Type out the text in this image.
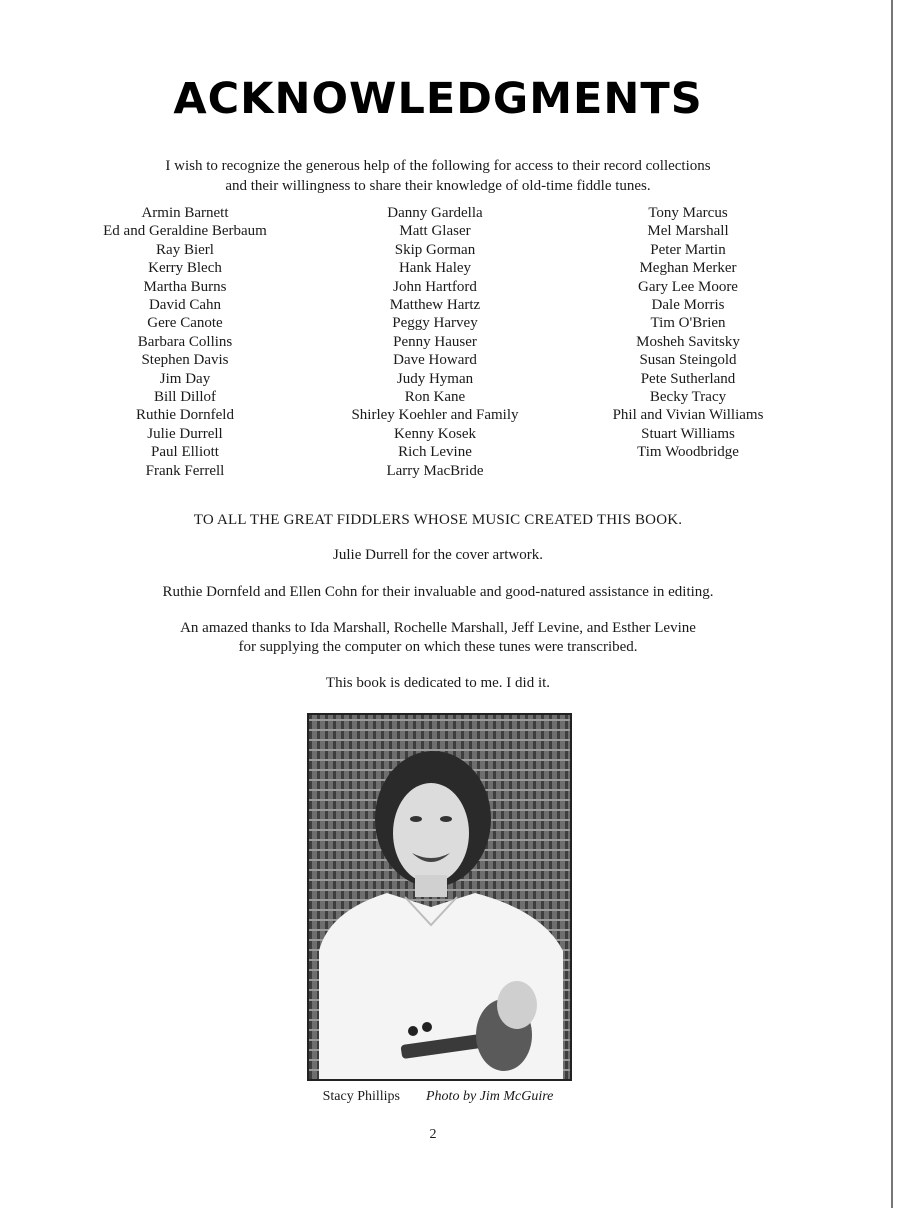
ACKNOWLEDGMENTS

I wish to recognize the generous help of the following for access to their record collections

and their willingness to share their knowledge of old-time fiddle tunes.

Armin Barnett
Ed and Geraldine Berbaum
Ray Bierl
Kerry Blech
Martha Burns
David Cahn
Gere Canote
Barbara Collins
Stephen Davis
Jim Day
Bill Dillof
Ruthie Dornfeld
Julie Durrell
Paul Elliott
Frank Ferrell
Danny Gardella
Matt Glaser
Skip Gorman
Hank Haley
John Hartford
Matthew Hartz
Peggy Harvey
Penny Hauser
Dave Howard
Judy Hyman
Ron Kane
Shirley Koehler and Family
Kenny Kosek
Rich Levine
Larry MacBride
Tony Marcus
Mel Marshall
Peter Martin
Meghan Merker
Gary Lee Moore
Dale Morris
Tim O'Brien
Mosheh Savitsky
Susan Steingold
Pete Sutherland
Becky Tracy
Phil and Vivian Williams
Stuart Williams
Tim Woodbridge

TO ALL THE GREAT FIDDLERS WHOSE MUSIC CREATED THIS BOOK.

Julie Durrell for the cover artwork.

Ruthie Dornfeld and Ellen Cohn for their invaluable and good-natured assistance in editing.

An amazed thanks to Ida Marshall, Rochelle Marshall, Jeff Levine, and Esther Levine
for supplying the computer on which these tunes were transcribed.

This book is dedicated to me. I did it.

Stacy Phillips Photo by Jim McGuire
2
